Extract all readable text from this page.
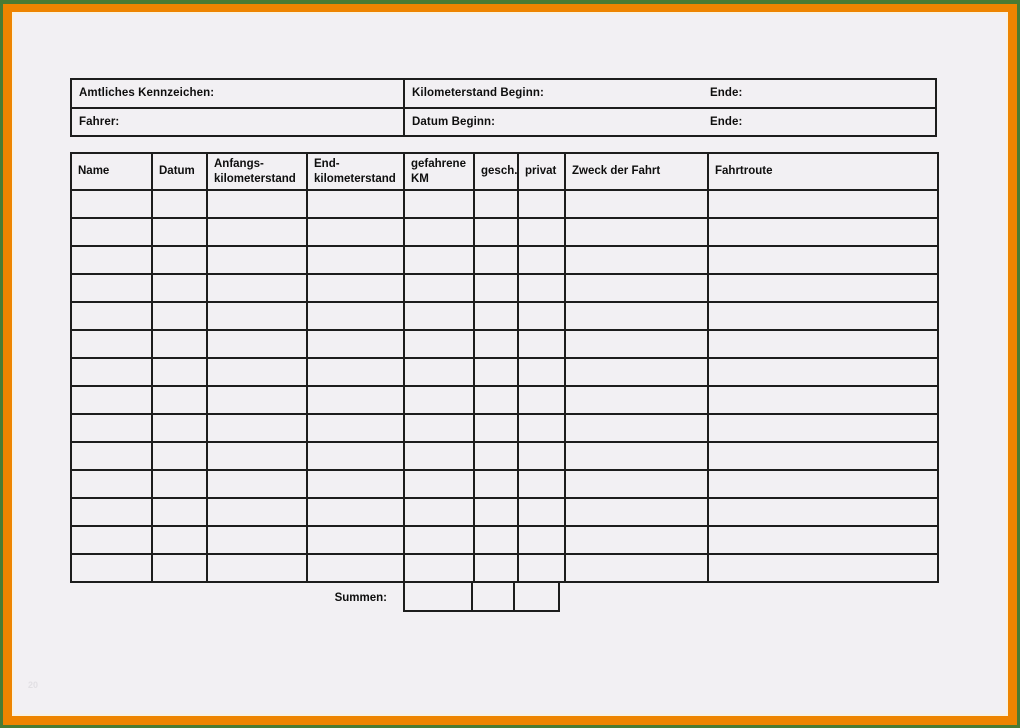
20
Amtliches Kennzeichen:	Kilometerstand Beginn:	Ende:
Fahrer:	Datum Beginn:	Ende:
Name	Datum	Anfangs-kilometerstand	End-kilometerstand	gefahrene KM	gesch.	privat	Zweck der Fahrt	Fahrtroute

Summen:
